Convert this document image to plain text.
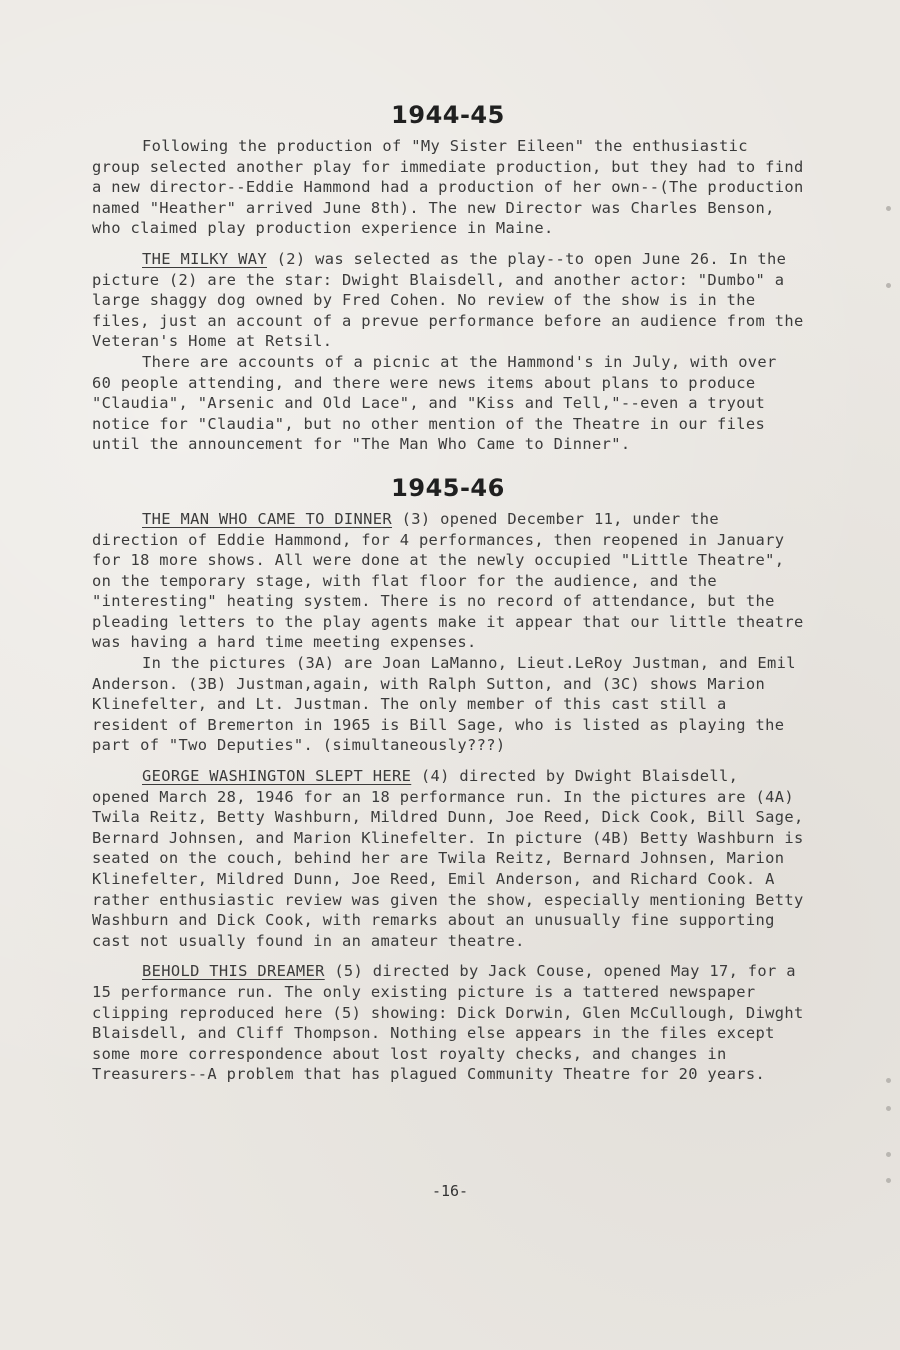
1944-45

Following the production of "My Sister Eileen" the enthusiastic group selected another play for immediate production, but they had to find a new director--Eddie Hammond had a production of her own--(The production named "Heather" arrived June 8th). The new Director was Charles Benson, who claimed play production experience in Maine.

THE MILKY WAY (2) was selected as the play--to open June 26. In the picture (2) are the star: Dwight Blaisdell, and another actor: "Dumbo" a large shaggy dog owned by Fred Cohen. No review of the show is in the files, just an account of a prevue performance before an audience from the Veteran's Home at Retsil.

There are accounts of a picnic at the Hammond's in July, with over 60 people attending, and there were news items about plans to produce "Claudia", "Arsenic and Old Lace", and "Kiss and Tell,"--even a tryout notice for "Claudia", but no other mention of the Theatre in our files until the announcement for "The Man Who Came to Dinner".

1945-46

THE MAN WHO CAME TO DINNER (3) opened December 11, under the direction of Eddie Hammond, for 4 performances, then reopened in January for 18 more shows. All were done at the newly occupied "Little Theatre", on the temporary stage, with flat floor for the audience, and the "interesting" heating system. There is no record of attendance, but the pleading letters to the play agents make it appear that our little theatre was having a hard time meeting expenses.

In the pictures (3A) are Joan LaManno, Lieut.LeRoy Justman, and Emil Anderson. (3B) Justman,again, with Ralph Sutton, and (3C) shows Marion Klinefelter, and Lt. Justman. The only member of this cast still a resident of Bremerton in 1965 is Bill Sage, who is listed as playing the part of "Two Deputies". (simultaneously???)

GEORGE WASHINGTON SLEPT HERE (4) directed by Dwight Blaisdell, opened March 28, 1946 for an 18 performance run. In the pictures are (4A) Twila Reitz, Betty Washburn, Mildred Dunn, Joe Reed, Dick Cook, Bill Sage, Bernard Johnsen, and Marion Klinefelter. In picture (4B) Betty Washburn is seated on the couch, behind her are Twila Reitz, Bernard Johnsen, Marion Klinefelter, Mildred Dunn, Joe Reed, Emil Anderson, and Richard Cook. A rather enthusiastic review was given the show, especially mentioning Betty Washburn and Dick Cook, with remarks about an unusually fine supporting cast not usually found in an amateur theatre.

BEHOLD THIS DREAMER (5) directed by Jack Couse, opened May 17, for a 15 performance run. The only existing picture is a tattered newspaper clipping reproduced here (5) showing: Dick Dorwin, Glen McCullough, Diwght Blaisdell, and Cliff Thompson. Nothing else appears in the files except some more correspondence about lost royalty checks, and changes in Treasurers--A problem that has plagued Community Theatre for 20 years.

-16-
